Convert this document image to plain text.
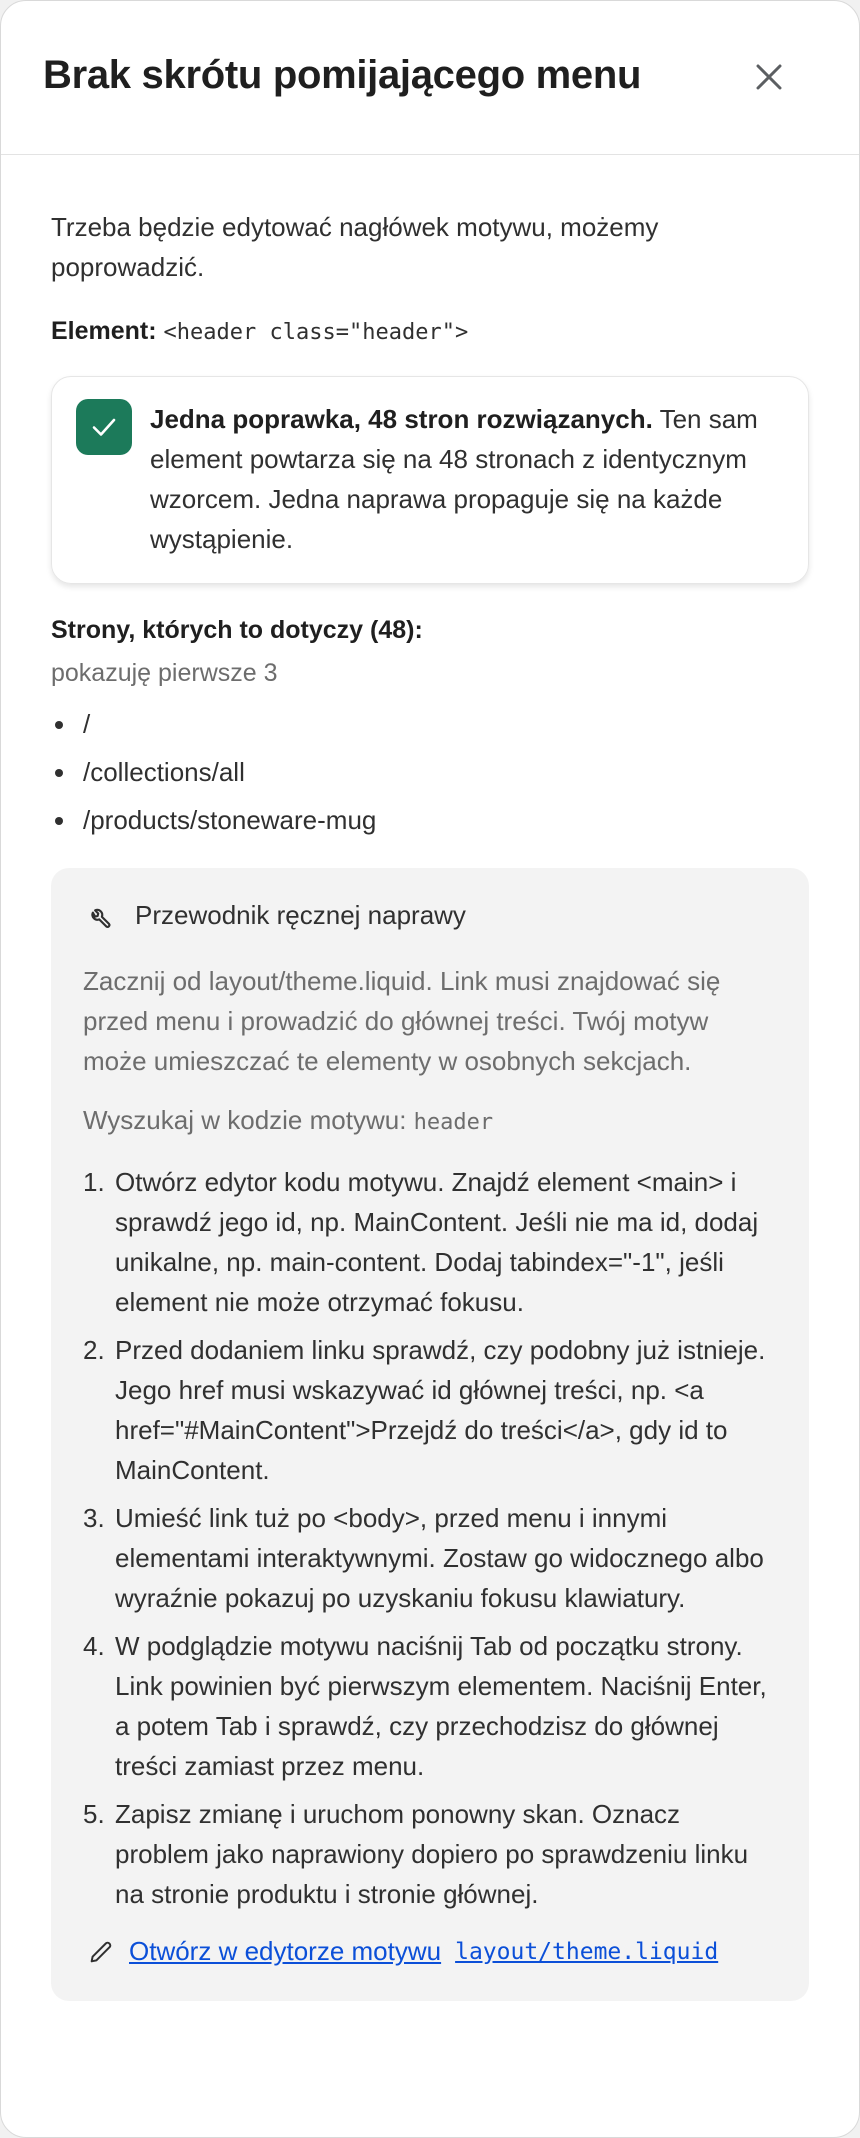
Brak skrótu pomijającego menu

Trzeba będzie edytować nagłówek motywu, możemy poprowadzić.

Element: <header class="header">

Jedna poprawka, 48 stron rozwiązanych. Ten sam element powtarza się na 48 stronach z identycznym wzorcem. Jedna naprawa propaguje się na każde wystąpienie.

Strony, których to dotyczy (48):

pokazuję pierwsze 3

/
/collections/all
/products/stoneware-mug
Przewodnik ręcznej naprawy

Zacznij od layout/theme.liquid. Link musi znajdować się przed menu i prowadzić do głównej treści. Twój motyw może umieszczać te elementy w osobnych sekcjach.

Wyszukaj w kodzie motywu: header

Otwórz edytor kodu motywu. Znajdź element <main> i sprawdź jego id, np. MainContent. Jeśli nie ma id, dodaj unikalne, np. main-content. Dodaj tabindex="-1", jeśli element nie może otrzymać fokusu.
Przed dodaniem linku sprawdź, czy podobny już istnieje. Jego href musi wskazywać id głównej treści, np. <a href="#MainContent">Przejdź do treści</a>, gdy id to MainContent.
Umieść link tuż po <body>, przed menu i innymi elementami interaktywnymi. Zostaw go widocznego albo wyraźnie pokazuj po uzyskaniu fokusu klawiatury.
W podglądzie motywu naciśnij Tab od początku strony. Link powinien być pierwszym elementem. Naciśnij Enter, a potem Tab i sprawdź, czy przechodzisz do głównej treści zamiast przez menu.
Zapisz zmianę i uruchom ponowny skan. Oznacz problem jako naprawiony dopiero po sprawdzeniu linku na stronie produktu i stronie głównej.
Otwórz w edytorze motywu layout/theme.liquid
